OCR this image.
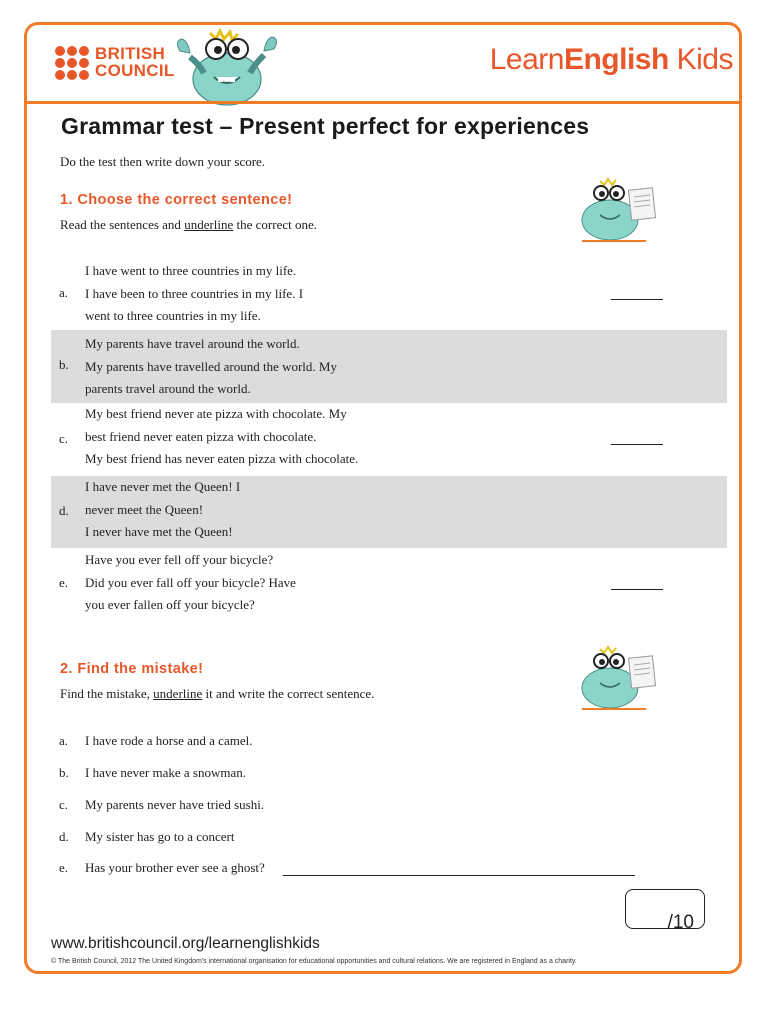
BRITISH
COUNCIL	LearnEnglish Kids
Grammar test – Present perfect for experiences
Do the test then write down your score.
1. Choose the correct sentence!
Read the sentences and underline the correct one.
a.
I have went to three countries in my life.
I have been to three countries in my life. I
went to three countries in my life.
b.
My parents have travel around the world.
My parents have travelled around the world. My
parents travel around the world.
c.
My best friend never ate pizza with chocolate. My
best friend never eaten pizza with chocolate.
My best friend has never eaten pizza with chocolate.
d.
I have never met the Queen! I
never meet the Queen!
I never have met the Queen!
e.
Have you ever fell off your bicycle?
Did you ever fall off your bicycle? Have
you ever fallen off your bicycle?
2. Find the mistake!
Find the mistake, underline it and write the correct sentence.
a. I have rode a horse and a camel.
b. I have never make a snowman.
c. My parents never have tried sushi.
d. My sister has go to a concert
e. Has your brother ever see a ghost?
/10
www.britishcouncil.org/learnenglishkids
© The British Council, 2012 The United Kingdom's international organisation for educational opportunities and cultural relations. We are registered in England as a charity.
